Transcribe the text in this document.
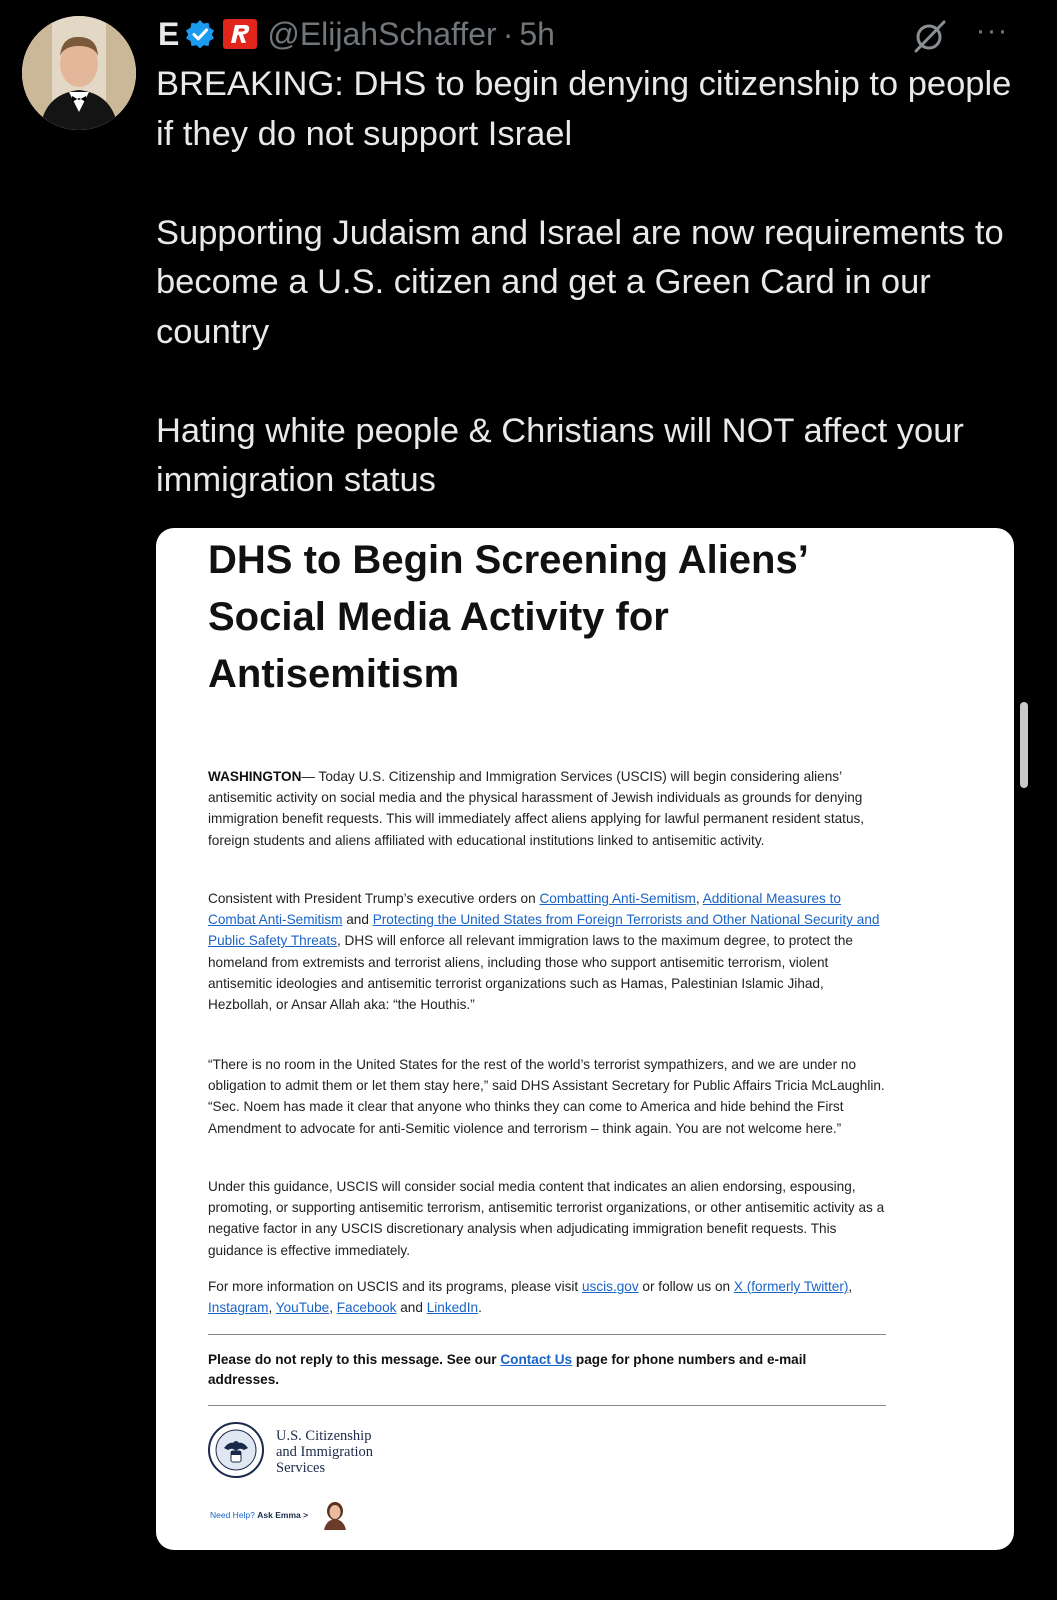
E	@ElijahSchaffer · 5h	···

BREAKING: DHS to begin denying citizenship to people if they do not support Israel

Supporting Judaism and Israel are now requirements to become a U.S. citizen and get a Green Card in our country

Hating white people & Christians will NOT affect your immigration status

DHS to Begin Screening Aliens’ Social Media Activity for Antisemitism
WASHINGTON— Today U.S. Citizenship and Immigration Services (USCIS) will begin considering aliens’ antisemitic activity on social media and the physical harassment of Jewish individuals as grounds for denying immigration benefit requests. This will immediately affect aliens applying for lawful permanent resident status, foreign students and aliens affiliated with educational institutions linked to antisemitic activity.
Consistent with President Trump’s executive orders on Combatting Anti-Semitism, Additional Measures to Combat Anti-Semitism and Protecting the United States from Foreign Terrorists and Other National Security and Public Safety Threats, DHS will enforce all relevant immigration laws to the maximum degree, to protect the homeland from extremists and terrorist aliens, including those who support antisemitic terrorism, violent antisemitic ideologies and antisemitic terrorist organizations such as Hamas, Palestinian Islamic Jihad, Hezbollah, or Ansar Allah aka: “the Houthis.”
“There is no room in the United States for the rest of the world’s terrorist sympathizers, and we are under no obligation to admit them or let them stay here,” said DHS Assistant Secretary for Public Affairs Tricia McLaughlin. “Sec. Noem has made it clear that anyone who thinks they can come to America and hide behind the First Amendment to advocate for anti-Semitic violence and terrorism – think again. You are not welcome here.”
Under this guidance, USCIS will consider social media content that indicates an alien endorsing, espousing, promoting, or supporting antisemitic terrorism, antisemitic terrorist organizations, or other antisemitic activity as a negative factor in any USCIS discretionary analysis when adjudicating immigration benefit requests. This guidance is effective immediately.
For more information on USCIS and its programs, please visit uscis.gov or follow us on X (formerly Twitter), Instagram, YouTube, Facebook and LinkedIn.
Please do not reply to this message. See our Contact Us page for phone numbers and e-mail addresses.
U.S. Citizenship
and Immigration
Services
Need Help? Ask Emma >
